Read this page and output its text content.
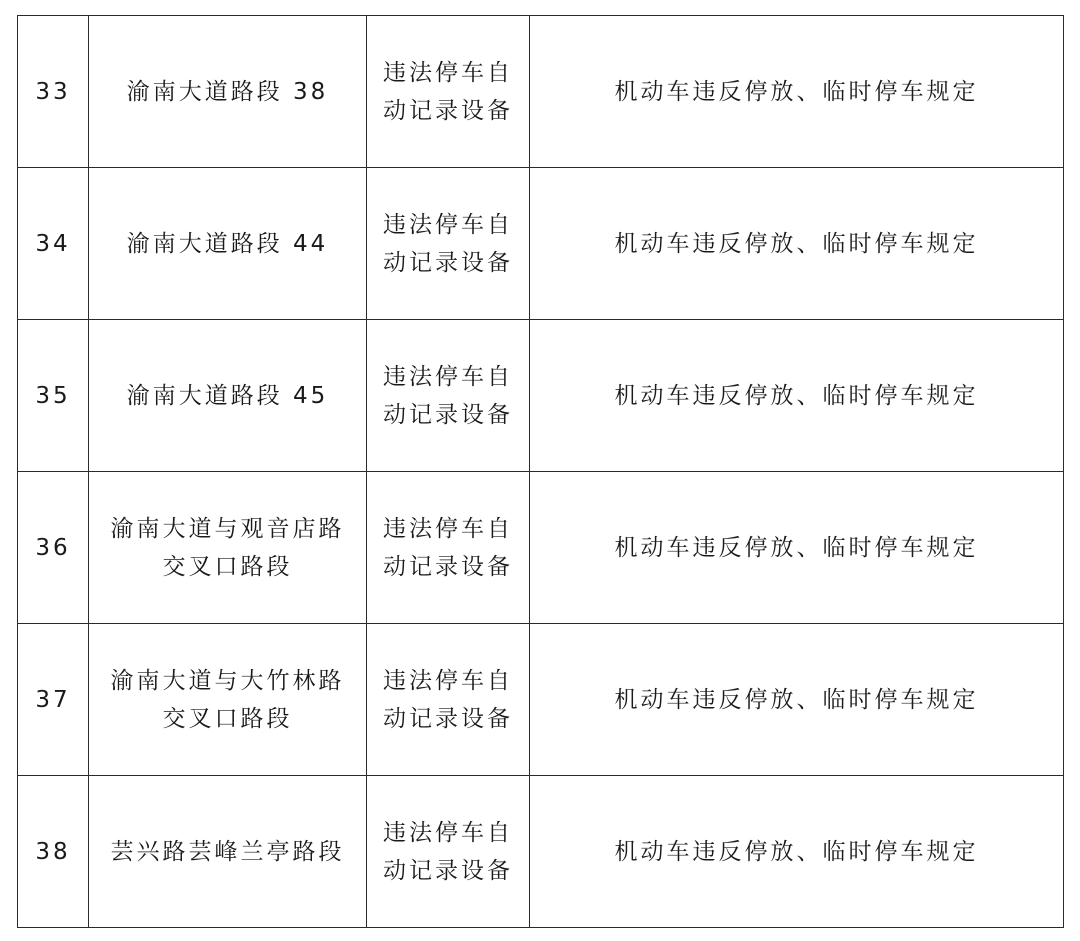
33	渝南大道路段 38	违法停车自动记录设备	机动车违反停放、临时停车规定
34	渝南大道路段 44	违法停车自动记录设备	机动车违反停放、临时停车规定
35	渝南大道路段 45	违法停车自动记录设备	机动车违反停放、临时停车规定
36	渝南大道与观音店路交叉口路段	违法停车自动记录设备	机动车违反停放、临时停车规定
37	渝南大道与大竹林路交叉口路段	违法停车自动记录设备	机动车违反停放、临时停车规定
38	芸兴路芸峰兰亭路段	违法停车自动记录设备	机动车违反停放、临时停车规定
